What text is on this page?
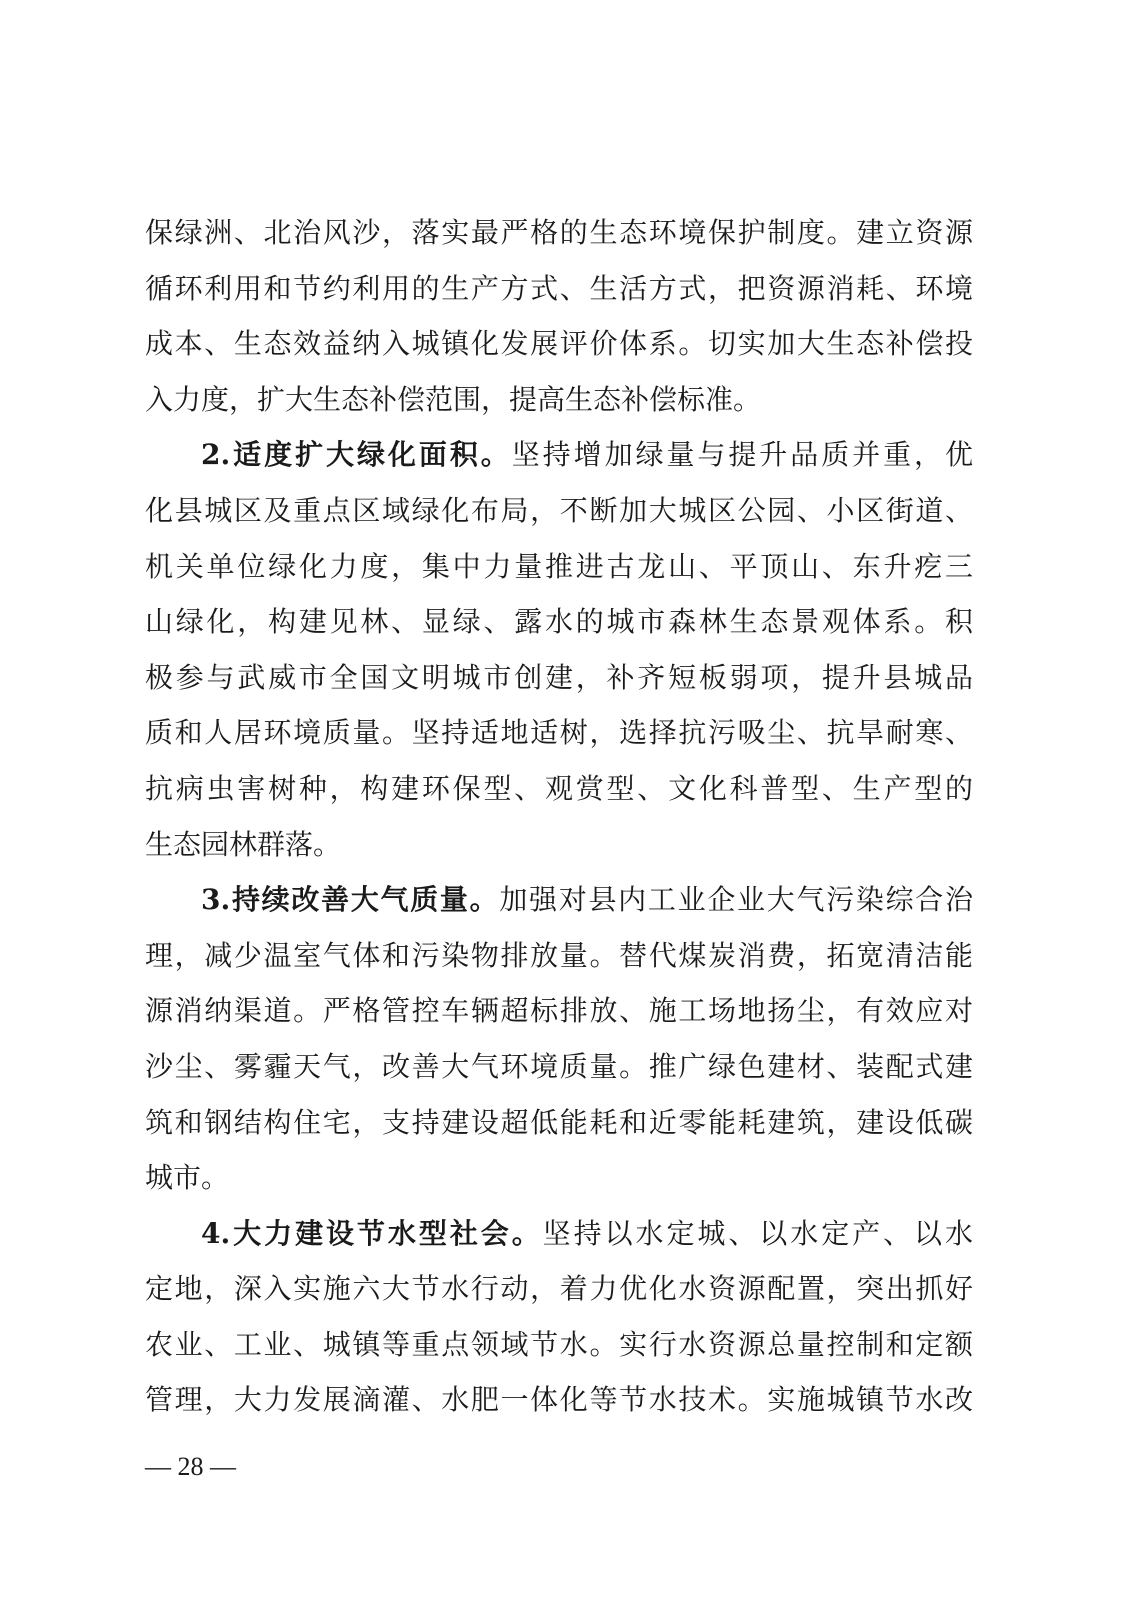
保绿洲、北治风沙，落实最严格的生态环境保护制度。建立资源
循环利用和节约利用的生产方式、生活方式，把资源消耗、环境
成本、生态效益纳入城镇化发展评价体系。切实加大生态补偿投
入力度，扩大生态补偿范围，提高生态补偿标准。
2.适度扩大绿化面积。坚持增加绿量与提升品质并重，优
化县城区及重点区域绿化布局，不断加大城区公园、小区街道、
机关单位绿化力度，集中力量推进古龙山、平顶山、东升疙三
山绿化，构建见林、显绿、露水的城市森林生态景观体系。积
极参与武威市全国文明城市创建，补齐短板弱项，提升县城品
质和人居环境质量。坚持适地适树，选择抗污吸尘、抗旱耐寒、
抗病虫害树种，构建环保型、观赏型、文化科普型、生产型的
生态园林群落。
3.持续改善大气质量。加强对县内工业企业大气污染综合治
理，减少温室气体和污染物排放量。替代煤炭消费，拓宽清洁能
源消纳渠道。严格管控车辆超标排放、施工场地扬尘，有效应对
沙尘、雾霾天气，改善大气环境质量。推广绿色建材、装配式建
筑和钢结构住宅，支持建设超低能耗和近零能耗建筑，建设低碳
城市。
4.大力建设节水型社会。坚持以水定城、以水定产、以水
定地，深入实施六大节水行动，着力优化水资源配置，突出抓好
农业、工业、城镇等重点领域节水。实行水资源总量控制和定额
管理，大力发展滴灌、水肥一体化等节水技术。实施城镇节水改
— 28 —
